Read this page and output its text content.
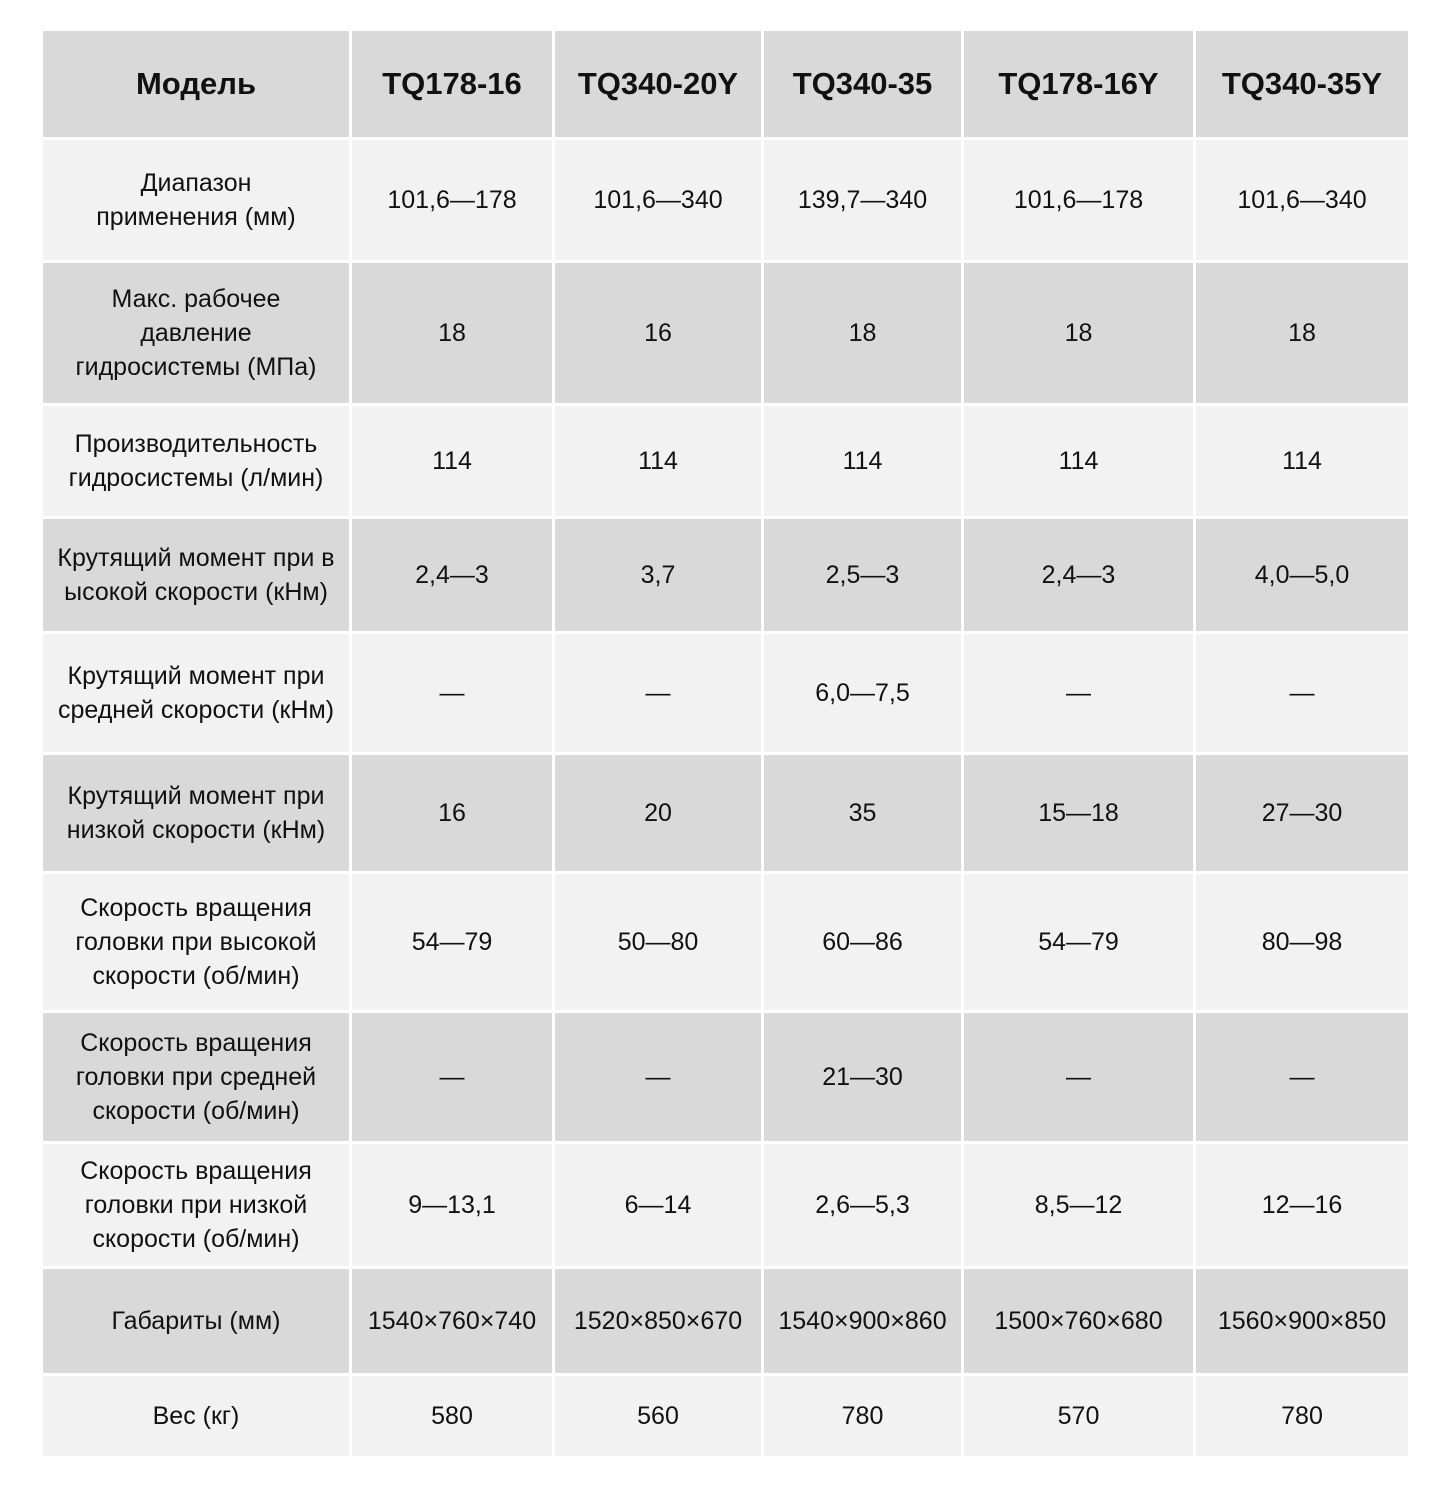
Модель	TQ178-16	TQ340-20Y	TQ340-35	TQ178-16Y	TQ340-35Y
Диапазон
применения (мм)	101,6—178	101,6—340	139,7—340	101,6—178	101,6—340
Макс. рабочее
давление
гидросистемы (МПа)	18	16	18	18	18
Производительность
гидросистемы (л/мин)	114	114	114	114	114
Крутящий момент при в
ысокой скорости (кНм)	2,4—3	3,7	2,5—3	2,4—3	4,0—5,0
Крутящий момент при
средней скорости (кНм)	—	—	6,0—7,5	—	—
Крутящий момент при
низкой скорости (кНм)	16	20	35	15—18	27—30
Скорость вращения
головки при высокой
скорости (об/мин)	54—79	50—80	60—86	54—79	80—98
Скорость вращения
головки при средней
скорости (об/мин)	—	—	21—30	—	—
Скорость вращения
головки при низкой
скорости (об/мин)	9—13,1	6—14	2,6—5,3	8,5—12	12—16
Габариты (мм)	1540×760×740	1520×850×670	1540×900×860	1500×760×680	1560×900×850
Вес (кг)	580	560	780	570	780
